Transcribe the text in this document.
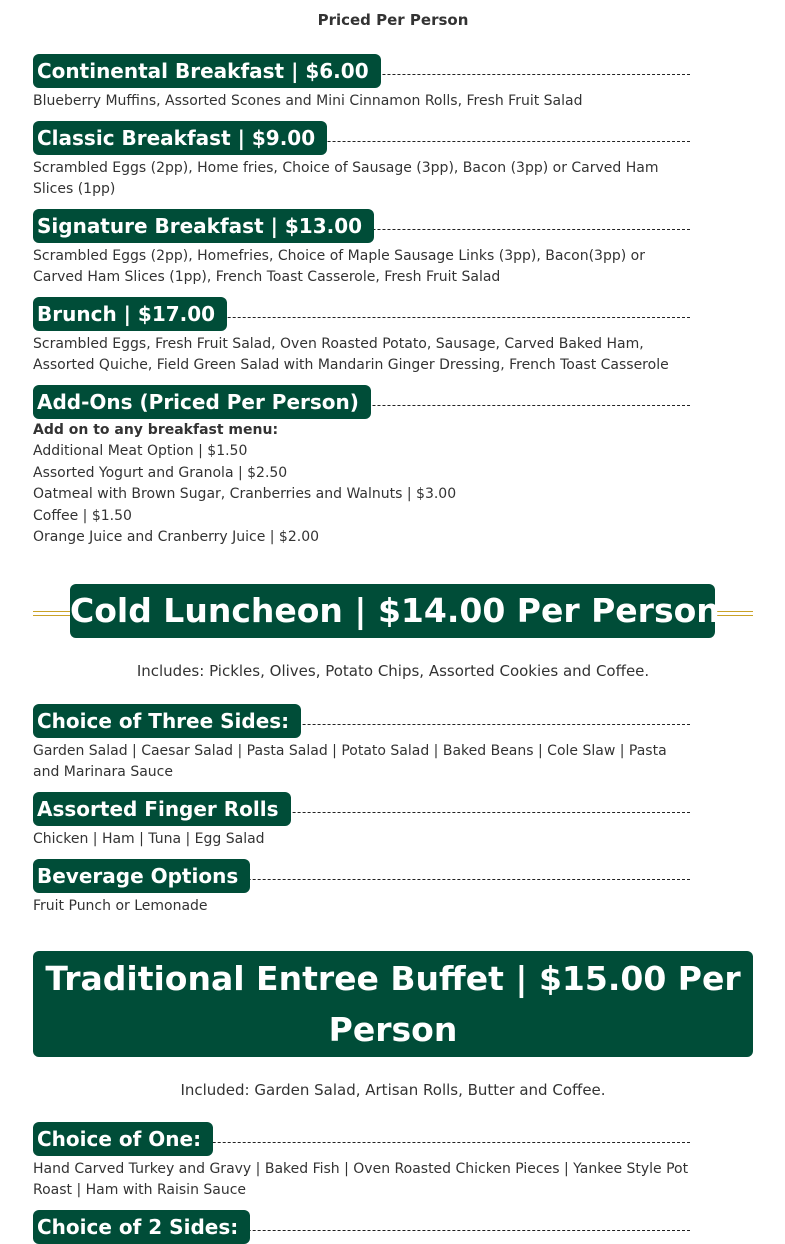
Priced Per Person
Continental Breakfast | $6.00
Blueberry Muffins, Assorted Scones and Mini Cinnamon Rolls, Fresh Fruit Salad
Classic Breakfast | $9.00
Scrambled Eggs (2pp), Home fries, Choice of Sausage (3pp), Bacon (3pp) or Carved Ham Slices (1pp)
Signature Breakfast | $13.00
Scrambled Eggs (2pp), Homefries, Choice of Maple Sausage Links (3pp), Bacon(3pp) or Carved Ham Slices (1pp), French Toast Casserole, Fresh Fruit Salad
Brunch | $17.00
Scrambled Eggs, Fresh Fruit Salad, Oven Roasted Potato, Sausage, Carved Baked Ham, Assorted Quiche, Field Green Salad with Mandarin Ginger Dressing, French Toast Casserole
Add-Ons (Priced Per Person)
Add on to any breakfast menu:
Additional Meat Option | $1.50
Assorted Yogurt and Granola | $2.50
Oatmeal with Brown Sugar, Cranberries and Walnuts | $3.00
Coffee | $1.50
Orange Juice and Cranberry Juice | $2.00
Cold Luncheon | $14.00 Per Person
Includes: Pickles, Olives, Potato Chips, Assorted Cookies and Coffee.
Choice of Three Sides:
Garden Salad | Caesar Salad | Pasta Salad | Potato Salad | Baked Beans | Cole Slaw | Pasta and Marinara Sauce
Assorted Finger Rolls
Chicken | Ham | Tuna | Egg Salad
Beverage Options
Fruit Punch or Lemonade
Traditional Entree Buffet | $15.00 Per
Person
Included: Garden Salad, Artisan Rolls, Butter and Coffee.
Choice of One:
Hand Carved Turkey and Gravy | Baked Fish | Oven Roasted Chicken Pieces | Yankee Style Pot Roast | Ham with Raisin Sauce
Choice of 2 Sides:
